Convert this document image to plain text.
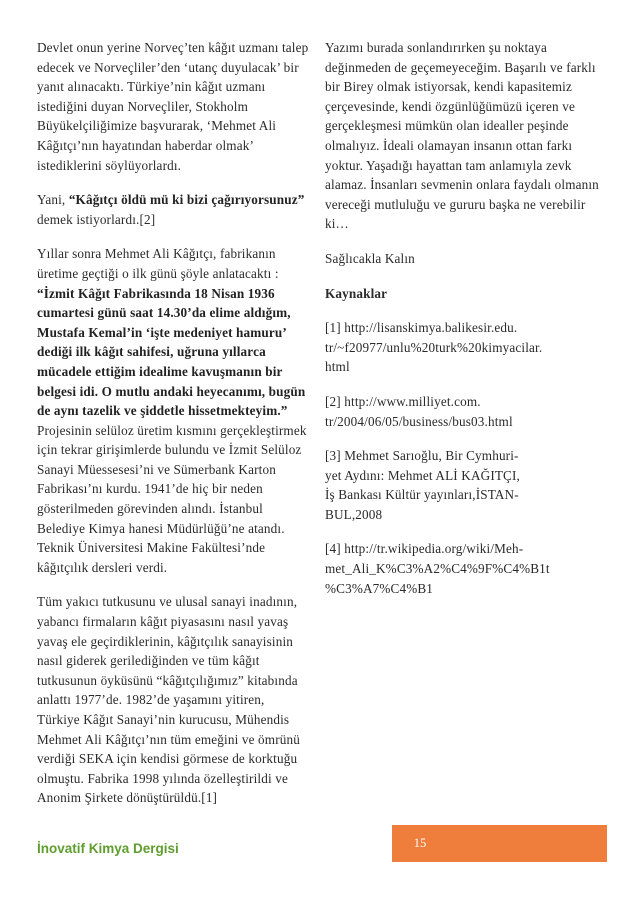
Devlet onun yerine Norveç’ten kâğıt uzmanı talep edecek ve Norveçliler’den ‘utanç duyulacak’ bir yanıt alınacaktı. Türkiye’nin kâğıt uzmanı istediğini duyan Norveçliler, Stokholm Büyükelçiliğimize başvurarak, ‘Mehmet Ali Kâğıtçı’nın hayatından haberdar olmak’ istediklerini söylüyorlardı.

Yani, “Kâğıtçı öldü mü ki bizi çağırıyorsunuz” demek istiyorlardı.[2]

Yıllar sonra Mehmet Ali Kâğıtçı, fabrikanın üretime geçtiği o ilk günü şöyle anlatacaktı : “İzmit Kâğıt Fabrikasında 18 Nisan 1936 cumartesi günü saat 14.30’da elime aldığım, Mustafa Kemal’in ‘işte medeniyet hamuru’ dediği ilk kâğıt sahifesi, uğruna yıllarca mücadele ettiğim idealime kavuşmanın bir belgesi idi. O mutlu andaki heyecanımı, bugün de aynı tazelik ve şiddetle hissetmekteyim.” Projesinin selüloz üretim kısmını gerçekleştirmek için tekrar girişimlerde bulundu ve İzmit Selüloz Sanayi Müessesesi’ni ve Sümerbank Karton Fabrikası’nı kurdu. 1941’de hiç bir neden gösterilmeden görevinden alındı. İstanbul Belediye Kimya hanesi Müdürlüğü’ne atandı. Teknik Üniversitesi Makine Fakültesi’nde kâğıtçılık dersleri verdi.

Tüm yakıcı tutkusunu ve ulusal sanayi inadının, yabancı firmaların kâğıt piyasasını nasıl yavaş yavaş ele geçirdiklerinin, kâğıtçılık sanayisinin nasıl giderek gerilediğinden ve tüm kâğıt tutkusunun öyküsünü “kâğıtçılığımız” kitabında anlattı 1977’de. 1982’de yaşamını yitiren, Türkiye Kâğıt Sanayi’nin kurucusu, Mühendis Mehmet Ali Kâğıtçı’nın tüm emeğini ve ömrünü verdiği SEKA için kendisi görmese de korktuğu olmuştu. Fabrika 1998 yılında özelleştirildi ve Anonim Şirkete dönüştürüldü.[1]

Yazımı burada sonlandırırken şu noktaya değinmeden de geçemeyeceğim. Başarılı ve farklı bir Birey olmak istiyorsak, kendi kapasitemiz çerçevesinde, kendi özgünlüğümüzü içeren ve gerçekleşmesi mümkün olan idealler peşinde olmalıyız. İdeali olamayan insanın ottan farkı yoktur. Yaşadığı hayattan tam anlamıyla zevk alamaz. İnsanları sevmenin onlara faydalı olmanın vereceği mutluluğu ve gururu başka ne verebilir ki…

Sağlıcakla Kalın

Kaynaklar

[1] http://lisanskimya.balikesir.edu.
tr/~f20977/unlu%20turk%20kimyacilar.
html

[2] http://www.milliyet.com.
tr/2004/06/05/business/bus03.html

[3] Mehmet Sarıoğlu, Bir Cymhuri-
yet Aydını: Mehmet ALİ KAĞITÇI,
İş Bankası Kültür yayınları,İSTAN-
BUL,2008

[4] http://tr.wikipedia.org/wiki/Meh-
met_Ali_K%C3%A2%C4%9F%C4%B1t
%C3%A7%C4%B1

İnovatif Kimya Dergisi	15
